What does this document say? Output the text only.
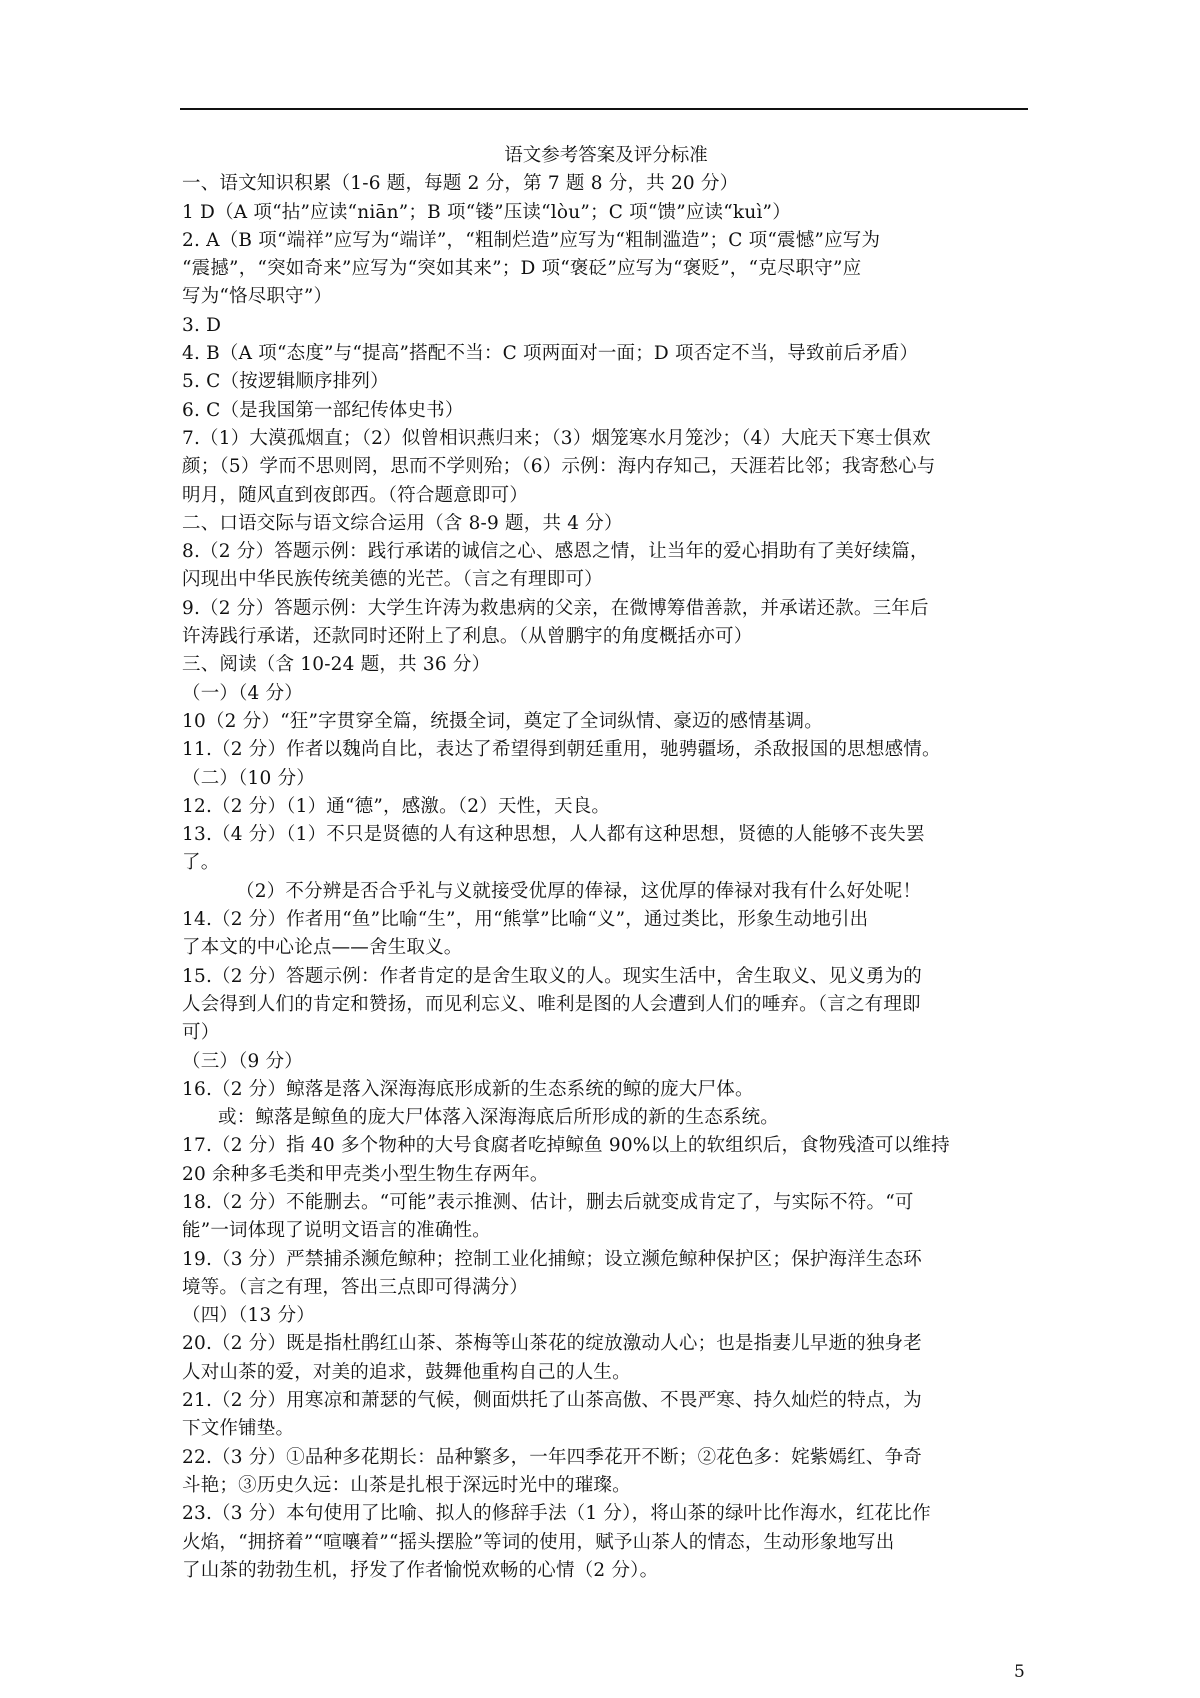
语文参考答案及评分标准

一、语文知识积累（1-6 题，每题 2 分，第 7 题 8 分，共 20 分）

1 D（A 项“拈”应读“niān”；B 项“镂”压读“lòu”；C 项“馈”应读“kuì”）

2. A（B 项“端祥”应写为“端详”，“粗制烂造”应写为“粗制滥造”；C 项“震憾”应写为

“震撼”，“突如奇来”应写为“突如其来”；D 项“褒砭”应写为“褒贬”，“克尽职守”应

写为“恪尽职守”）

3. D

4. B（A 项“态度”与“提高”搭配不当：C 项两面对一面；D 项否定不当，导致前后矛盾）

5. C（按逻辑顺序排列）

6. C（是我国第一部纪传体史书）

7.（1）大漠孤烟直；（2）似曾相识燕归来；（3）烟笼寒水月笼沙；（4）大庇天下寒士俱欢

颜；（5）学而不思则罔，思而不学则殆；（6）示例：海内存知己，天涯若比邻；我寄愁心与

明月，随风直到夜郎西。（符合题意即可）

二、口语交际与语文综合运用（含 8-9 题，共 4 分）

8.（2 分）答题示例：践行承诺的诚信之心、感恩之情，让当年的爱心捐助有了美好续篇，

闪现出中华民族传统美德的光芒。（言之有理即可）

9.（2 分）答题示例：大学生许涛为救患病的父亲，在微博筹借善款，并承诺还款。三年后

许涛践行承诺，还款同时还附上了利息。（从曾鹏宇的角度概括亦可）

三、阅读（含 10-24 题，共 36 分）

（一）（4 分）

10（2 分）“狂”字贯穿全篇，统摄全词，奠定了全词纵情、豪迈的感情基调。

11.（2 分）作者以魏尚自比，表达了希望得到朝廷重用，驰骋疆场，杀敌报国的思想感情。

（二）（10 分）

12.（2 分）（1）通“德”，感激。（2）天性，天良。

13.（4 分）（1）不只是贤德的人有这种思想，人人都有这种思想，贤德的人能够不丧失罢

了。

（2）不分辨是否合乎礼与义就接受优厚的俸禄，这优厚的俸禄对我有什么好处呢！

14.（2 分）作者用“鱼”比喻“生”，用“熊掌”比喻“义”，通过类比，形象生动地引出

了本文的中心论点——舍生取义。

15.（2 分）答题示例：作者肯定的是舍生取义的人。现实生活中，舍生取义、见义勇为的

人会得到人们的肯定和赞扬，而见利忘义、唯利是图的人会遭到人们的唾弃。（言之有理即

可）

（三）（9 分）

16.（2 分）鲸落是落入深海海底形成新的生态系统的鲸的庞大尸体。

或：鲸落是鲸鱼的庞大尸体落入深海海底后所形成的新的生态系统。

17.（2 分）指 40 多个物种的大号食腐者吃掉鲸鱼 90%以上的软组织后，食物残渣可以维持

20 余种多毛类和甲壳类小型生物生存两年。

18.（2 分）不能删去。“可能”表示推测、估计，删去后就变成肯定了，与实际不符。“可

能”一词体现了说明文语言的准确性。

19.（3 分）严禁捕杀濒危鲸种；控制工业化捕鲸；设立濒危鲸种保护区；保护海洋生态环

境等。（言之有理，答出三点即可得满分）

（四）（13 分）

20.（2 分）既是指杜鹃红山茶、茶梅等山茶花的绽放激动人心；也是指妻儿早逝的独身老

人对山茶的爱，对美的追求，鼓舞他重构自己的人生。

21.（2 分）用寒凉和萧瑟的气候，侧面烘托了山茶高傲、不畏严寒、持久灿烂的特点，为

下文作铺垫。

22.（3 分）①品种多花期长：品种繁多，一年四季花开不断；②花色多：姹紫嫣红、争奇

斗艳；③历史久远：山茶是扎根于深远时光中的璀璨。

23.（3 分）本句使用了比喻、拟人的修辞手法（1 分），将山茶的绿叶比作海水，红花比作

火焰，“拥挤着”“喧嚷着”“摇头摆脸”等词的使用，赋予山茶人的情态，生动形象地写出

了山茶的勃勃生机，抒发了作者愉悦欢畅的心情（2 分）。

5
